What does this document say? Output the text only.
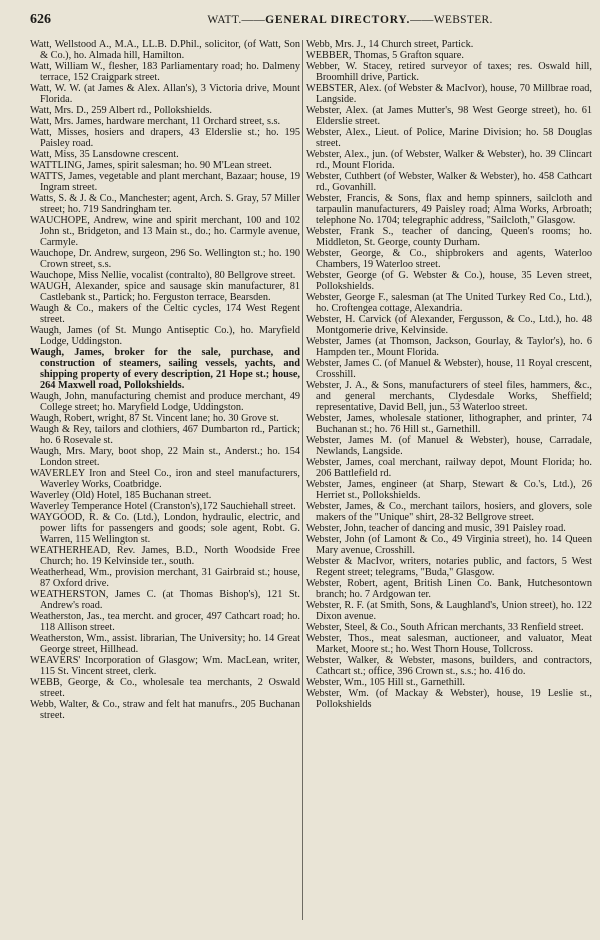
626	WATT.——GENERAL DIRECTORY.——WEBSTER.
Watt, Wellstood A., M.A., LL.B. D.Phil., solicitor, (of Watt, Son & Co.), ho. Almada hill, Hamilton.
Watt, William W., flesher, 183 Parliamentary road; ho. Dalmeny terrace, 152 Craigpark street.
Watt, W. W. (at James & Alex. Allan's), 3 Victoria drive, Mount Florida.
Watt, Mrs. D., 259 Albert rd., Pollokshields.
Watt, Mrs. James, hardware merchant, 11 Orchard street, s.s.
Watt, Misses, hosiers and drapers, 43 Elderslie st.; ho. 195 Paisley road.
Watt, Miss, 35 Lansdowne crescent.
WATTLING, James, spirit salesman; ho. 90 M'Lean street.
WATTS, James, vegetable and plant merchant, Bazaar; house, 19 Ingram street.
Watts, S. & J. & Co., Manchester; agent, Arch. S. Gray, 57 Miller street; ho. 719 Sandringham ter.
WAUCHOPE, Andrew, wine and spirit merchant, 100 and 102 John st., Bridgeton, and 13 Main st., do.; ho. Carmyle avenue, Carmyle.
Wauchope, Dr. Andrew, surgeon, 296 So. Wellington st.; ho. 190 Crown street, s.s.
Wauchope, Miss Nellie, vocalist (contralto), 80 Bellgrove street.
WAUGH, Alexander, spice and sausage skin manufacturer, 81 Castlebank st., Partick; ho. Ferguston terrace, Bearsden.
Waugh & Co., makers of the Celtic cycles, 174 West Regent street.
Waugh, James (of St. Mungo Antiseptic Co.), ho. Maryfield Lodge, Uddingston.
Waugh, James, broker for the sale, purchase, and construction of steamers, sailing vessels, yachts, and shipping property of every description, 21 Hope st.; house, 264 Maxwell road, Pollokshields.
Waugh, John, manufacturing chemist and produce merchant, 49 College street; ho. Maryfield Lodge, Uddingston.
Waugh, Robert, wright, 87 St. Vincent lane; ho. 30 Grove st.
Waugh & Rey, tailors and clothiers, 467 Dumbarton rd., Partick; ho. 6 Rosevale st.
Waugh, Mrs. Mary, boot shop, 22 Main st., Anderst.; ho. 154 London street.
WAVERLEY Iron and Steel Co., iron and steel manufacturers, Waverley Works, Coatbridge.
Waverley (Old) Hotel, 185 Buchanan street.
Waverley Temperance Hotel (Cranston's),172 Sauchiehall street.
WAYGOOD, R. & Co. (Ltd.), London, hydraulic, electric, and power lifts for passengers and goods; sole agent, Robt. G. Warren, 115 Wellington st.
WEATHERHEAD, Rev. James, B.D., North Woodside Free Church; ho. 19 Kelvinside ter., south.
Weatherhead, Wm., provision merchant, 31 Gairbraid st.; house, 87 Oxford drive.
WEATHERSTON, James C. (at Thomas Bishop's), 121 St. Andrew's road.
Weatherston, Jas., tea mercht. and grocer, 497 Cathcart road; ho. 118 Allison street.
Weatherston, Wm., assist. librarian, The University; ho. 14 Great George street, Hillhead.
WEAVERS' Incorporation of Glasgow; Wm. MacLean, writer, 115 St. Vincent street, clerk.
WEBB, George, & Co., wholesale tea merchants, 2 Oswald street.
Webb, Walter, & Co., straw and felt hat manufrs., 205 Buchanan street.
Webb, Mrs. J., 14 Church street, Partick.
WEBBER, Thomas, 5 Grafton square.
Webber, W. Stacey, retired surveyor of taxes; res. Oswald hill, Broomhill drive, Partick.
WEBSTER, Alex. (of Webster & MacIvor), house, 70 Millbrae road, Langside.
Webster, Alex. (at James Mutter's, 98 West George street), ho. 61 Elderslie street.
Webster, Alex., Lieut. of Police, Marine Division; ho. 58 Douglas street.
Webster, Alex., jun. (of Webster, Walker & Webster), ho. 39 Clincart rd., Mount Florida.
Webster, Cuthbert (of Webster, Walker & Webster), ho. 458 Cathcart rd., Govanhill.
Webster, Francis, & Sons, flax and hemp spinners, sailcloth and tarpaulin manufacturers, 49 Paisley road; Alma Works, Arbroath; telephone No. 1704; telegraphic address, "Sailcloth," Glasgow.
Webster, Frank S., teacher of dancing, Queen's rooms; ho. Middleton, St. George, county Durham.
Webster, George, & Co., shipbrokers and agents, Waterloo Chambers, 19 Waterloo street.
Webster, George (of G. Webster & Co.), house, 35 Leven street, Pollokshields.
Webster, George F., salesman (at The United Turkey Red Co., Ltd.), ho. Croftengea cottage, Alexandria.
Webster, H. Carvick (of Alexander, Fergusson, & Co., Ltd.), ho. 48 Montgomerie drive, Kelvinside.
Webster, James (at Thomson, Jackson, Gourlay, & Taylor's), ho. 6 Hampden ter., Mount Florida.
Webster, James C. (of Manuel & Webster), house, 11 Royal crescent, Crosshill.
Webster, J. A., & Sons, manufacturers of steel files, hammers, &c., and general merchants, Clydesdale Works, Sheffield; representative, David Bell, jun., 53 Waterloo street.
Webster, James, wholesale stationer, lithographer, and printer, 74 Buchanan st.; ho. 76 Hill st., Garnethill.
Webster, James M. (of Manuel & Webster), house, Carradale, Newlands, Langside.
Webster, James, coal merchant, railway depot, Mount Florida; ho. 206 Battlefield rd.
Webster, James, engineer (at Sharp, Stewart & Co.'s, Ltd.), 26 Herriet st., Pollokshields.
Webster, James, & Co., merchant tailors, hosiers, and glovers, sole makers of the "Unique" shirt, 28-32 Bellgrove street.
Webster, John, teacher of dancing and music, 391 Paisley road.
Webster, John (of Lamont & Co., 49 Virginia street), ho. 14 Queen Mary avenue, Crosshill.
Webster & MacIvor, writers, notaries public, and factors, 5 West Regent street; telegrams, "Buda," Glasgow.
Webster, Robert, agent, British Linen Co. Bank, Hutchesontown branch; ho. 7 Ardgowan ter.
Webster, R. F. (at Smith, Sons, & Laughland's, Union street), ho. 122 Dixon avenue.
Webster, Steel, & Co., South African merchants, 33 Renfield street.
Webster, Thos., meat salesman, auctioneer, and valuator, Meat Market, Moore st.; ho. West Thorn House, Tollcross.
Webster, Walker, & Webster, masons, builders, and contractors, Cathcart st.; office, 396 Crown st., s.s.; ho. 416 do.
Webster, Wm., 105 Hill st., Garnethill.
Webster, Wm. (of Mackay & Webster), house, 19 Leslie st., Pollokshields
